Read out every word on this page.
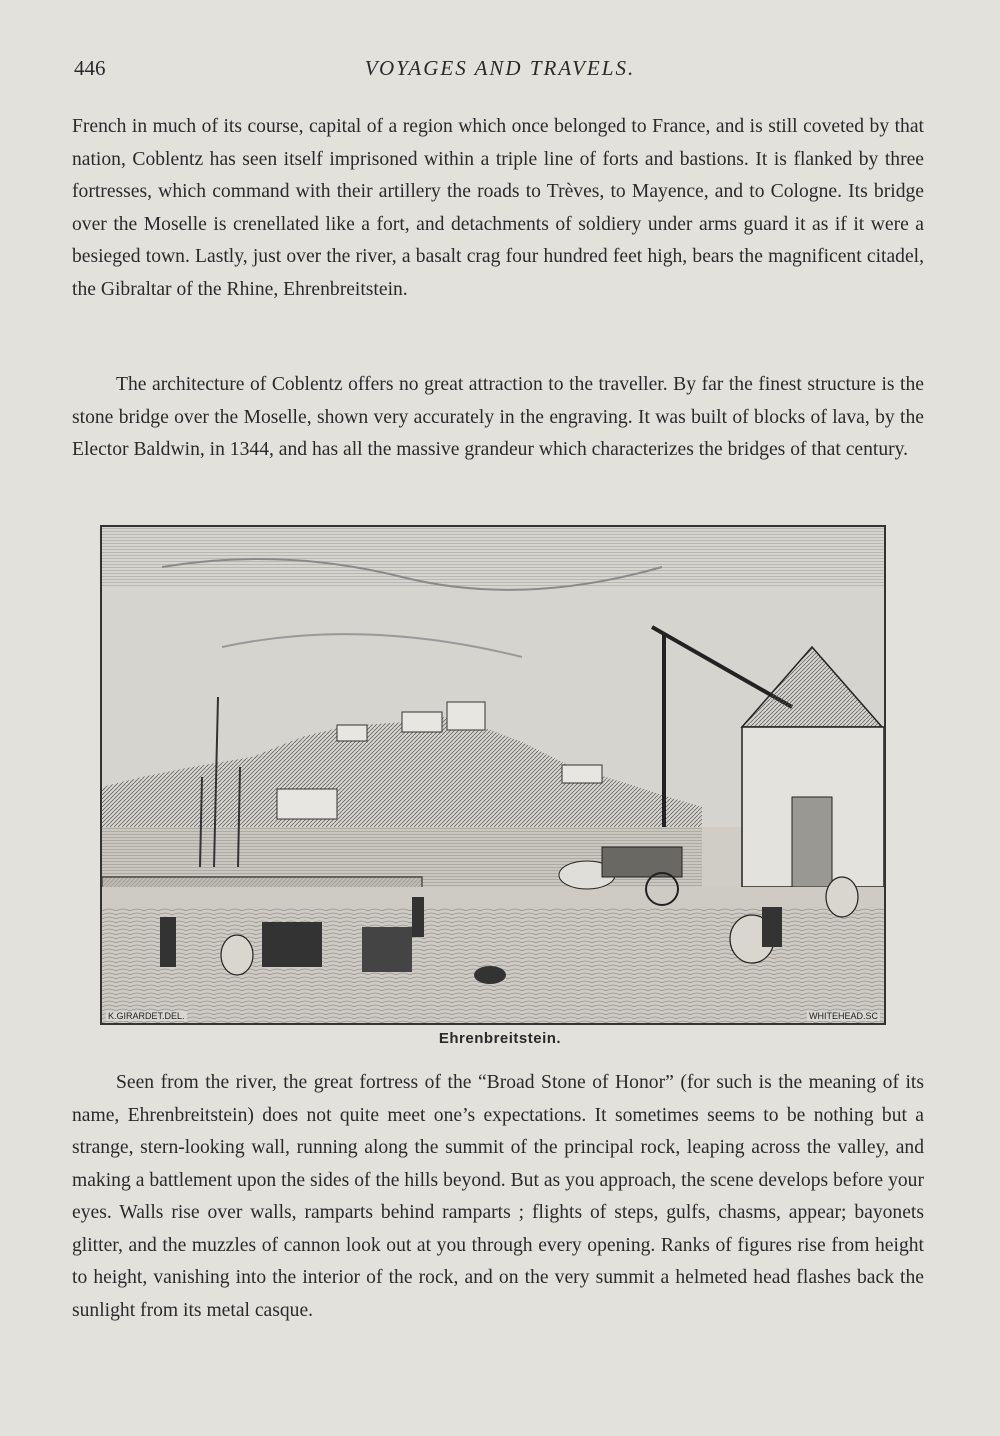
446	VOYAGES AND TRAVELS.

French in much of its course, capital of a region which once belonged to France, and is still coveted by that nation, Coblentz has seen itself imprisoned within a triple line of forts and bastions. It is flanked by three fortresses, which command with their artillery the roads to Trèves, to Mayence, and to Cologne. Its bridge over the Moselle is crenellated like a fort, and detachments of soldiery under arms guard it as if it were a besieged town. Lastly, just over the river, a basalt crag four hundred feet high, bears the magnificent citadel, the Gibraltar of the Rhine, Ehrenbreitstein.

The architecture of Coblentz offers no great attraction to the traveller. By far the finest structure is the stone bridge over the Moselle, shown very accurately in the engraving. It was built of blocks of lava, by the Elector Baldwin, in 1344, and has all the massive grandeur which characterizes the bridges of that century.

K.GIRARDET.DEL.	WHITEHEAD.SC
Ehrenbreitstein.

Seen from the river, the great fortress of the “Broad Stone of Honor” (for such is the meaning of its name, Ehrenbreitstein) does not quite meet one’s expectations. It sometimes seems to be nothing but a strange, stern-looking wall, running along the summit of the principal rock, leaping across the valley, and making a battlement upon the sides of the hills beyond. But as you approach, the scene develops before your eyes. Walls rise over walls, ramparts behind ramparts ; flights of steps, gulfs, chasms, appear; bayonets glitter, and the muzzles of cannon look out at you through every opening. Ranks of figures rise from height to height, vanishing into the interior of the rock, and on the very summit a helmeted head flashes back the sunlight from its metal casque.
